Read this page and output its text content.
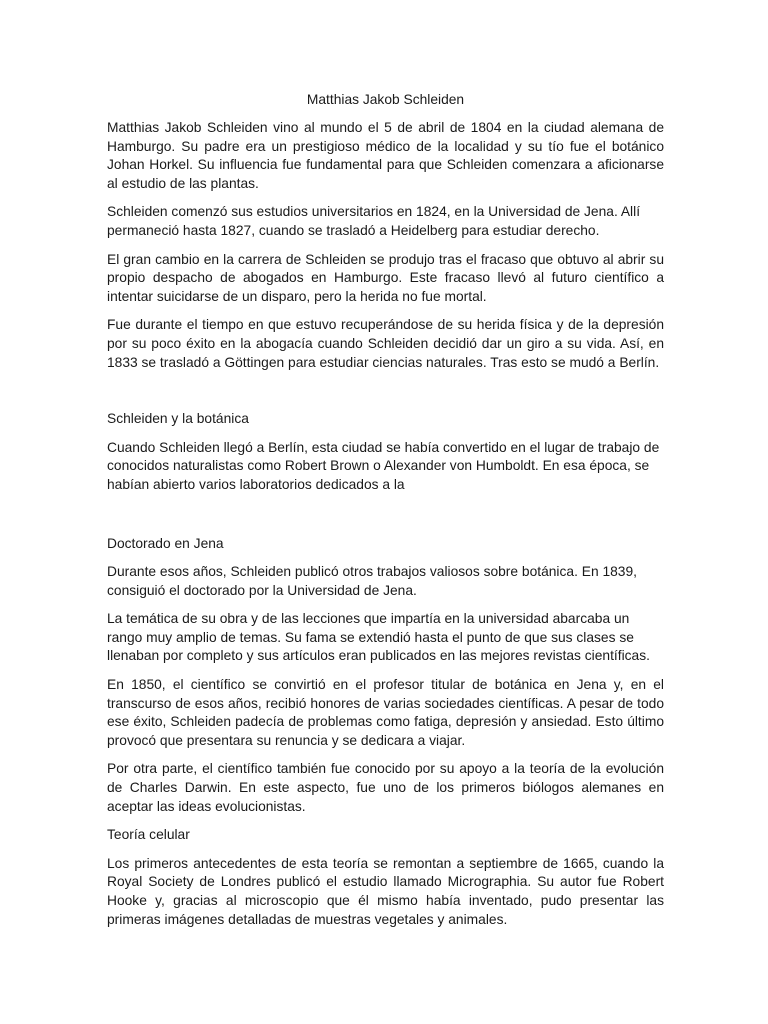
Matthias Jakob Schleiden

Matthias Jakob Schleiden vino al mundo el 5 de abril de 1804 en la ciudad alemana de Hamburgo. Su padre era un prestigioso médico de la localidad y su tío fue el botánico Johan Horkel. Su influencia fue fundamental para que Schleiden comenzara a aficionarse al estudio de las plantas.

Schleiden comenzó sus estudios universitarios en 1824, en la Universidad de Jena. Allí permaneció hasta 1827, cuando se trasladó a Heidelberg para estudiar derecho.

El gran cambio en la carrera de Schleiden se produjo tras el fracaso que obtuvo al abrir su propio despacho de abogados en Hamburgo. Este fracaso llevó al futuro científico a intentar suicidarse de un disparo, pero la herida no fue mortal.

Fue durante el tiempo en que estuvo recuperándose de su herida física y de la depresión por su poco éxito en la abogacía cuando Schleiden decidió dar un giro a su vida. Así, en 1833 se trasladó a Göttingen para estudiar ciencias naturales. Tras esto se mudó a Berlín.

Schleiden y la botánica

Cuando Schleiden llegó a Berlín, esta ciudad se había convertido en el lugar de trabajo de conocidos naturalistas como Robert Brown o Alexander von Humboldt. En esa época, se habían abierto varios laboratorios dedicados a la

Doctorado en Jena

Durante esos años, Schleiden publicó otros trabajos valiosos sobre botánica. En 1839, consiguió el doctorado por la Universidad de Jena.

La temática de su obra y de las lecciones que impartía en la universidad abarcaba un rango muy amplio de temas. Su fama se extendió hasta el punto de que sus clases se llenaban por completo y sus artículos eran publicados en las mejores revistas científicas.

En 1850, el científico se convirtió en el profesor titular de botánica en Jena y, en el transcurso de esos años, recibió honores de varias sociedades científicas. A pesar de todo ese éxito, Schleiden padecía de problemas como fatiga, depresión y ansiedad. Esto último provocó que presentara su renuncia y se dedicara a viajar.

Por otra parte, el científico también fue conocido por su apoyo a la teoría de la evolución de Charles Darwin. En este aspecto, fue uno de los primeros biólogos alemanes en aceptar las ideas evolucionistas.

Teoría celular

Los primeros antecedentes de esta teoría se remontan a septiembre de 1665, cuando la Royal Society de Londres publicó el estudio llamado Micrographia. Su autor fue Robert Hooke y, gracias al microscopio que él mismo había inventado, pudo presentar las primeras imágenes detalladas de muestras vegetales y animales.
